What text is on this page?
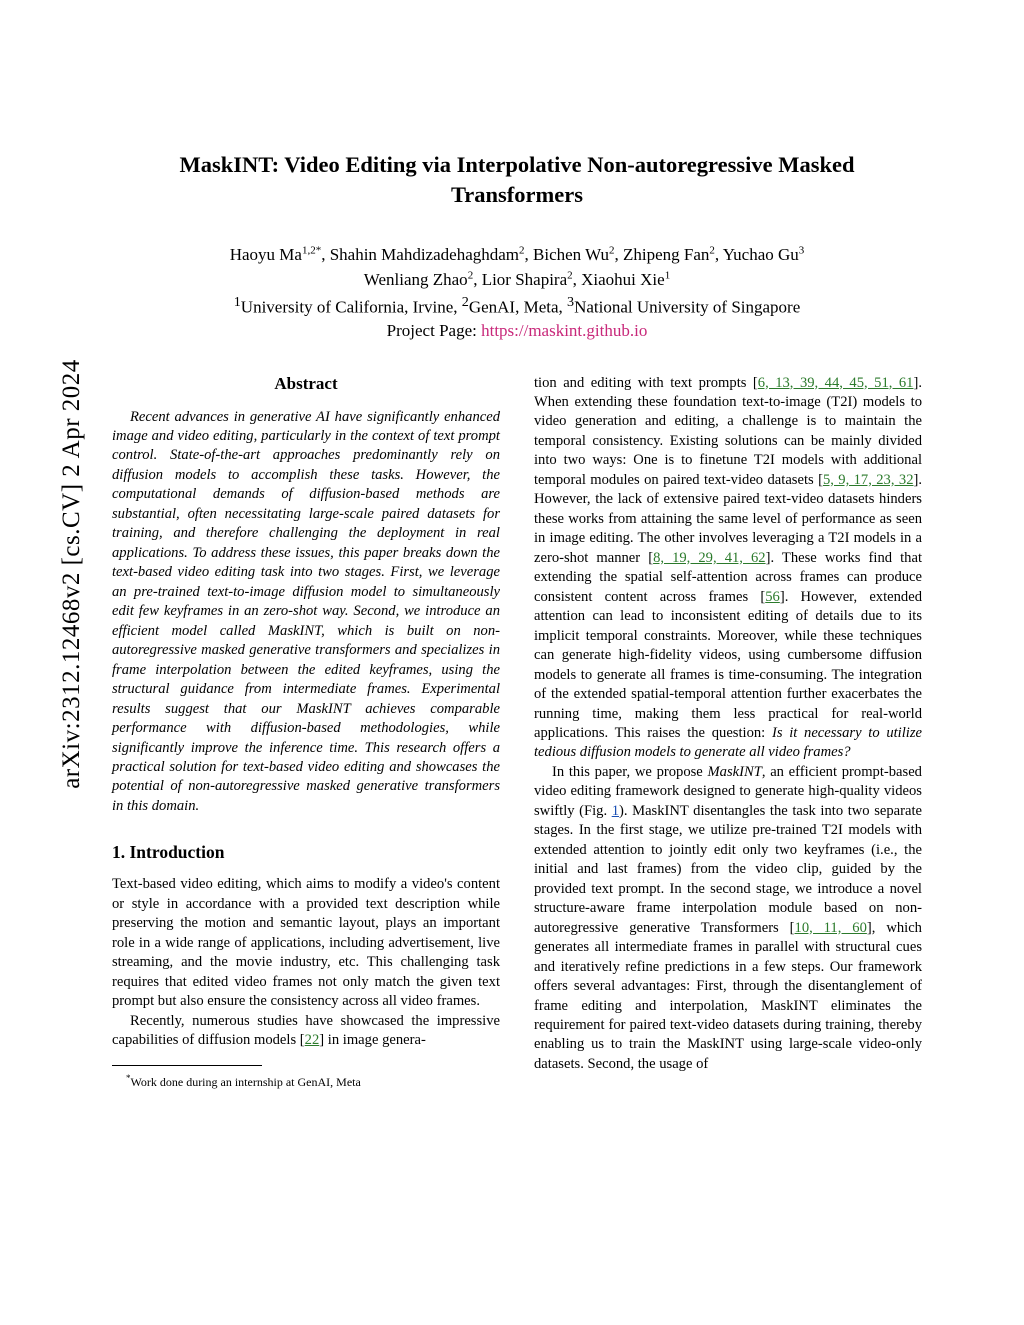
arXiv:2312.12468v2 [cs.CV] 2 Apr 2024
MaskINT: Video Editing via Interpolative Non-autoregressive Masked Transformers
Haoyu $Ma^{1,2*}$, Shahin Mahdizadehaghdam$^2$, Bichen Wu$^2$, Zhipeng Fan$^2$, Yuchao Gu$^3$
Wenliang Zhao$^2$, Lior Shapira$^2$, Xiaohui Xie$^1$
$^1$University of California, Irvine, $^2$GenAI, Meta, $^3$National University of Singapore
Project Page: https://maskint.github.io
Abstract

Recent advances in generative AI have significantly enhanced image and video editing, particularly in the context of text prompt control. State-of-the-art approaches predominantly rely on diffusion models to accomplish these tasks. However, the computational demands of diffusion-based methods are substantial, often necessitating large-scale paired datasets for training, and therefore challenging the deployment in real applications. To address these issues, this paper breaks down the text-based video editing task into two stages. First, we leverage an pre-trained text-to-image diffusion model to simultaneously edit few keyframes in an zero-shot way. Second, we introduce an efficient model called MaskINT, which is built on non-autoregressive masked generative transformers and specializes in frame interpolation between the edited keyframes, using the structural guidance from intermediate frames. Experimental results suggest that our MaskINT achieves comparable performance with diffusion-based methodologies, while significantly improve the inference time. This research offers a practical solution for text-based video editing and showcases the potential of non-autoregressive masked generative transformers in this domain.

1. Introduction

Text-based video editing, which aims to modify a video's content or style in accordance with a provided text description while preserving the motion and semantic layout, plays an important role in a wide range of applications, including advertisement, live streaming, and the movie industry, etc. This challenging task requires that edited video frames not only match the given text prompt but also ensure the consistency across all video frames.

Recently, numerous studies have showcased the impressive capabilities of diffusion models [22] in image genera-

*Work done during an internship at GenAI, Meta

tion and editing with text prompts [6, 13, 39, 44, 45, 51, 61]. When extending these foundation text-to-image (T2I) models to video generation and editing, a challenge is to maintain the temporal consistency. Existing solutions can be mainly divided into two ways: One is to finetune T2I models with additional temporal modules on paired text-video datasets [5, 9, 17, 23, 32]. However, the lack of extensive paired text-video datasets hinders these works from attaining the same level of performance as seen in image editing. The other involves leveraging a T2I models in a zero-shot manner [8, 19, 29, 41, 62]. These works find that extending the spatial self-attention across frames can produce consistent content across frames [56]. However, extended attention can lead to inconsistent editing of details due to its implicit temporal constraints. Moreover, while these techniques can generate high-fidelity videos, using cumbersome diffusion models to generate all frames is time-consuming. The integration of the extended spatial-temporal attention further exacerbates the running time, making them less practical for real-world applications. This raises the question: Is it necessary to utilize tedious diffusion models to generate all video frames?

In this paper, we propose MaskINT, an efficient prompt-based video editing framework designed to generate high-quality videos swiftly (Fig. 1). MaskINT disentangles the task into two separate stages. In the first stage, we utilize pre-trained T2I models with extended attention to jointly edit only two keyframes (i.e., the initial and last frames) from the video clip, guided by the provided text prompt. In the second stage, we introduce a novel structure-aware frame interpolation module based on non-autoregressive generative Transformers [10, 11, 60], which generates all intermediate frames in parallel with structural cues and iteratively refine predictions in a few steps. Our framework offers several advantages: First, through the disentanglement of frame editing and interpolation, MaskINT eliminates the requirement for paired text-video datasets during training, thereby enabling us to train the MaskINT using large-scale video-only datasets. Second, the usage of
